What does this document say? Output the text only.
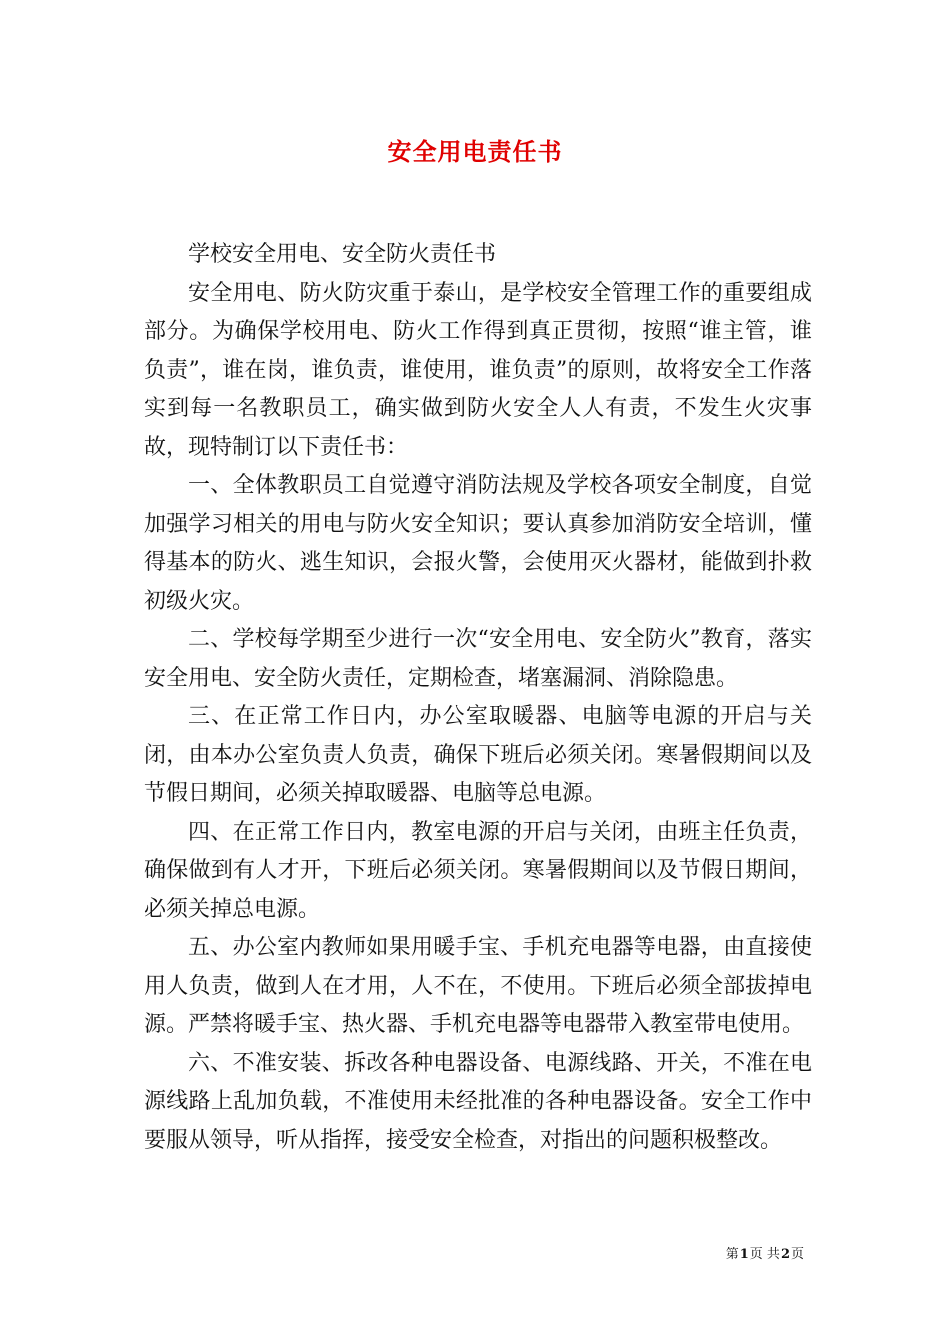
安全用电责任书

学校安全用电、安全防火责任书

安全用电、防火防灾重于泰山，是学校安全管理工作的重要组成部分。为确保学校用电、防火工作得到真正贯彻，按照“谁主管，谁负责”，谁在岗，谁负责，谁使用，谁负责”的原则，故将安全工作落实到每一名教职员工，确实做到防火安全人人有责，不发生火灾事故，现特制订以下责任书：

一、全体教职员工自觉遵守消防法规及学校各项安全制度，自觉加强学习相关的用电与防火安全知识；要认真参加消防安全培训，懂得基本的防火、逃生知识，会报火警，会使用灭火器材，能做到扑救初级火灾。

二、学校每学期至少进行一次“安全用电、安全防火”教育，落实安全用电、安全防火责任，定期检查，堵塞漏洞、消除隐患。

三、在正常工作日内，办公室取暖器、电脑等电源的开启与关闭，由本办公室负责人负责，确保下班后必须关闭。寒暑假期间以及节假日期间，必须关掉取暖器、电脑等总电源。

四、在正常工作日内，教室电源的开启与关闭，由班主任负责，确保做到有人才开，下班后必须关闭。寒暑假期间以及节假日期间，必须关掉总电源。

五、办公室内教师如果用暖手宝、手机充电器等电器，由直接使用人负责，做到人在才用，人不在，不使用。下班后必须全部拔掉电源。严禁将暖手宝、热火器、手机充电器等电器带入教室带电使用。

六、不准安装、拆改各种电器设备、电源线路、开关，不准在电源线路上乱加负载，不准使用未经批准的各种电器设备。安全工作中要服从领导，听从指挥，接受安全检查，对指出的问题积极整改。

第1页 共2页
